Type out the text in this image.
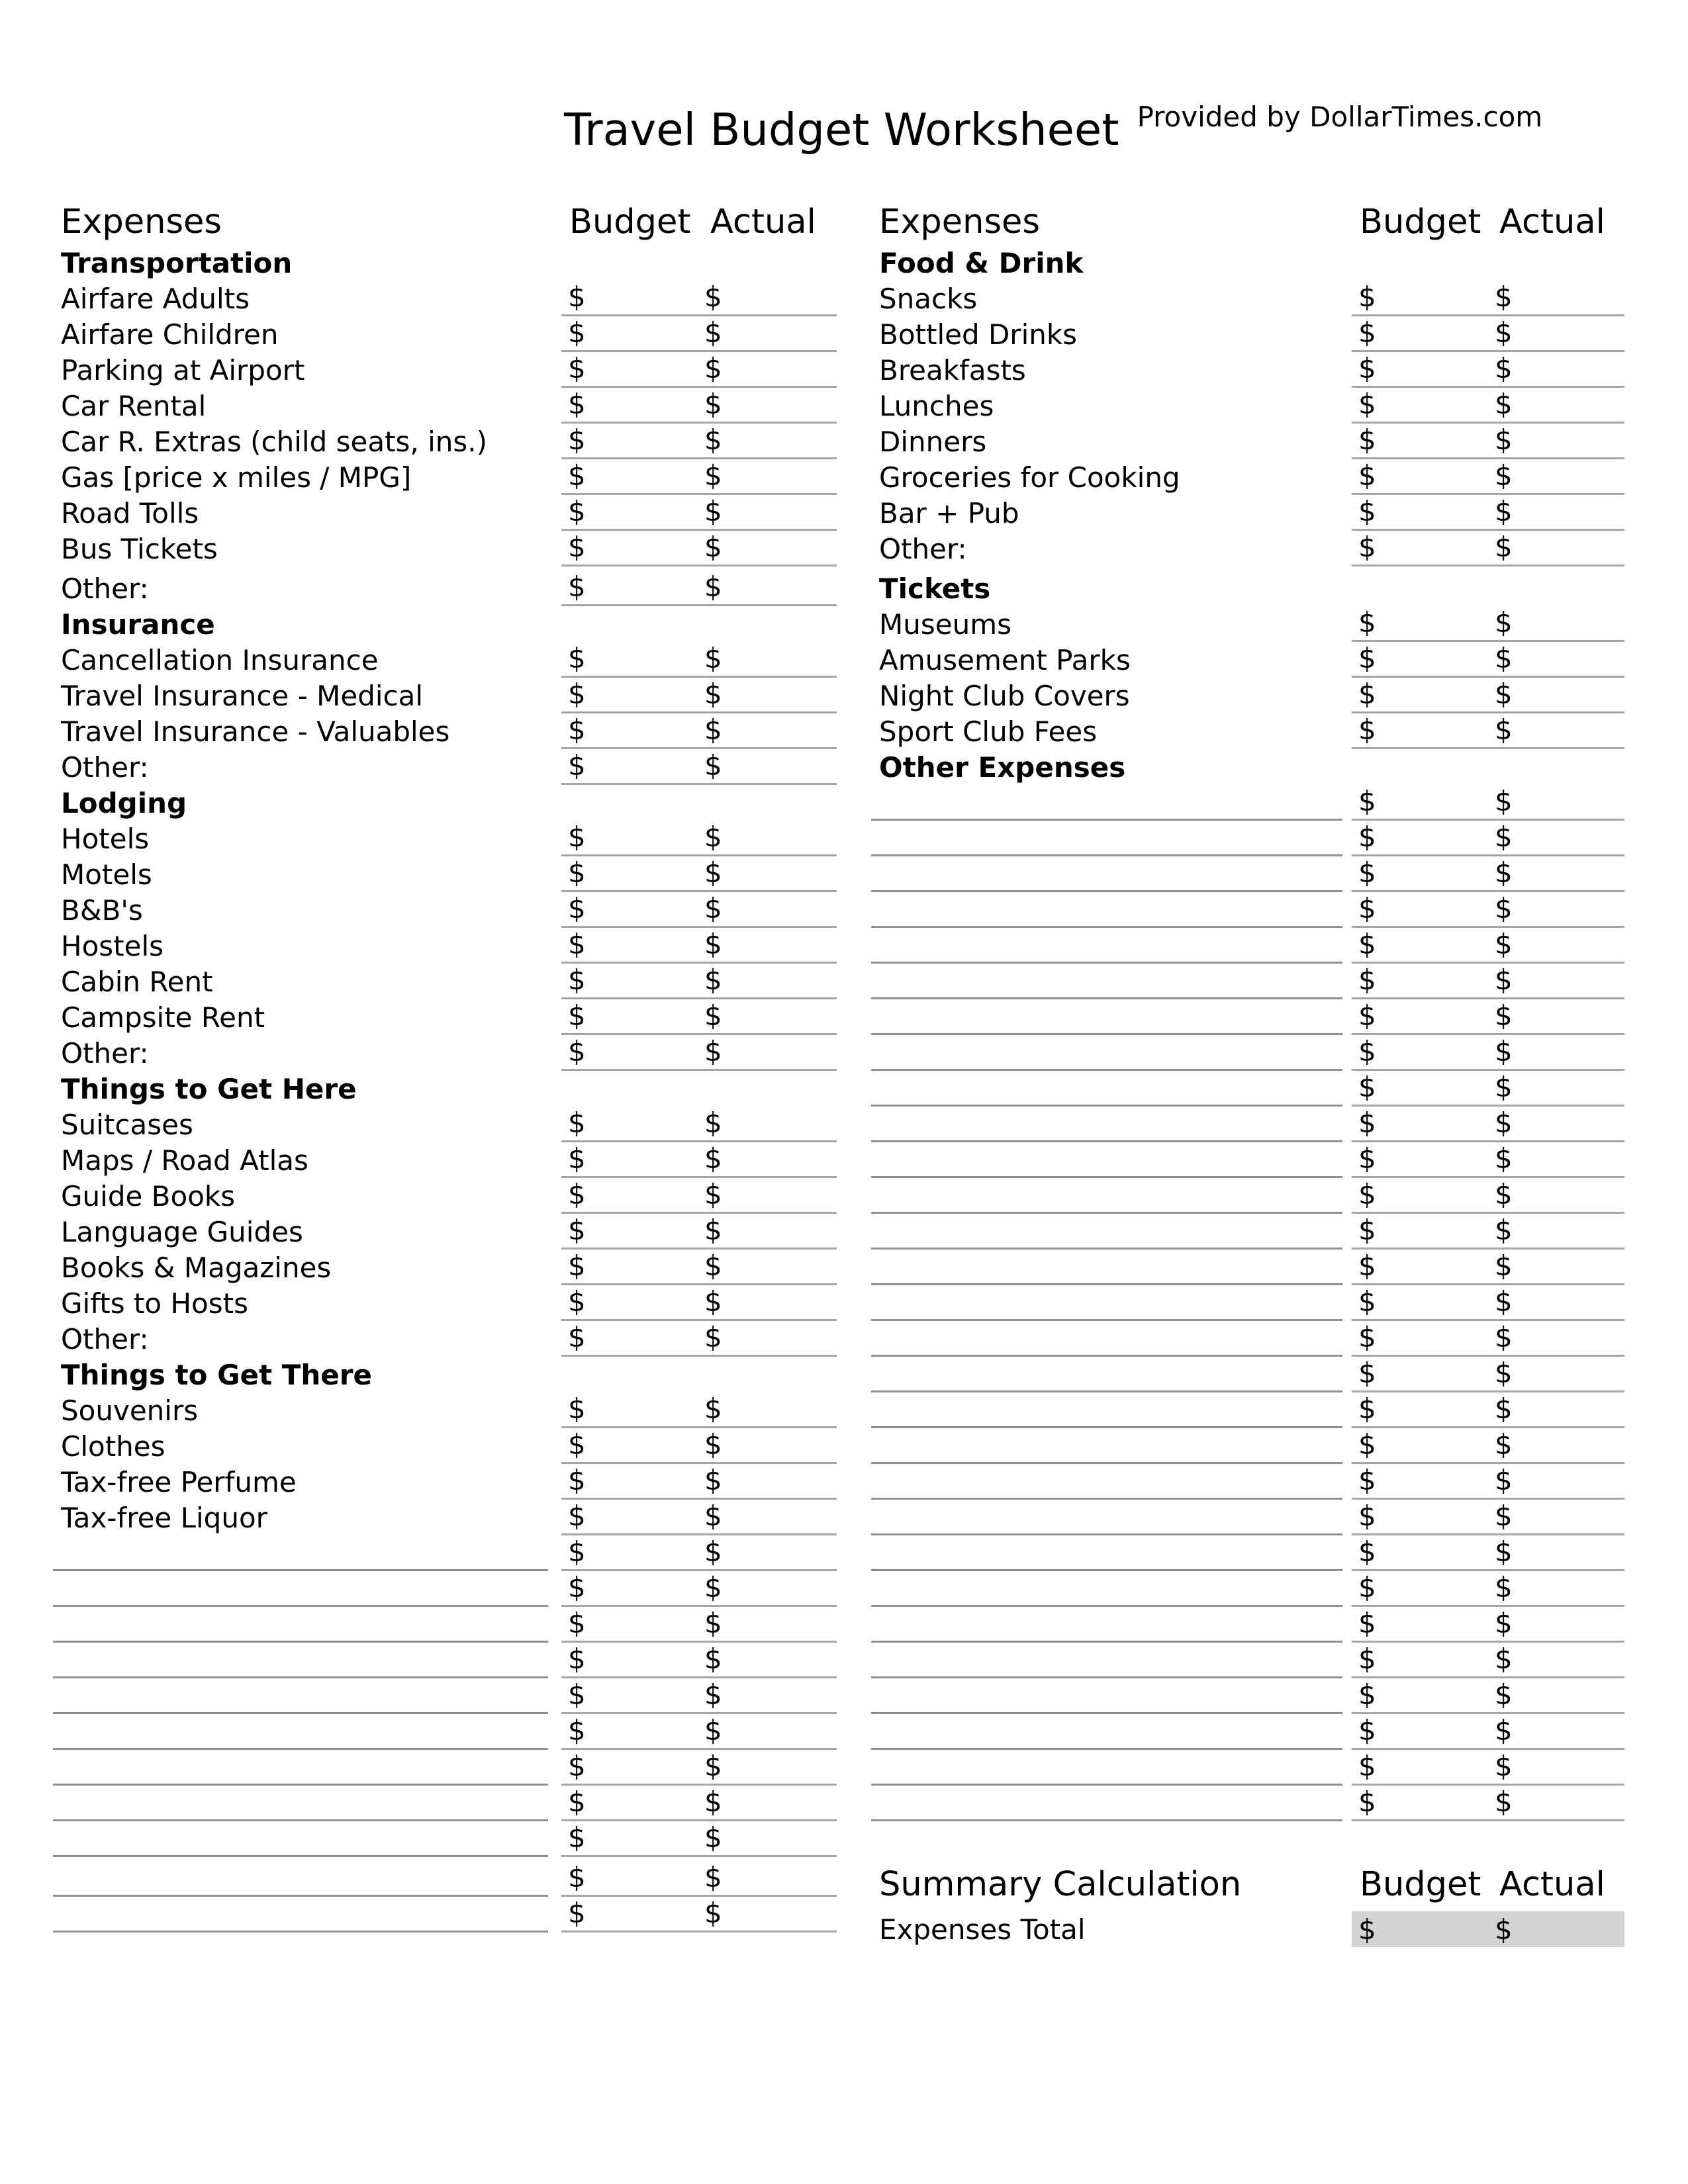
Travel Budget Worksheet Provided by DollarTimes.com
Expenses	Budget Actual
Transportation
Airfare Adults	$	$
Airfare Children	$	$
Parking at Airport	$	$
Car Rental	$	$
Car R. Extras (child seats, ins.)	$	$
Gas [price x miles / MPG]	$	$
Road Tolls	$	$
Bus Tickets	$	$
Other:	$	$
Insurance
Cancellation Insurance	$	$
Travel Insurance - Medical	$	$
Travel Insurance - Valuables	$	$
Other:	$	$
Lodging
Hotels	$	$
Motels	$	$
B&B's	$	$
Hostels	$	$
Cabin Rent	$	$
Campsite Rent	$	$
Other:	$	$
Things to Get Here
Suitcases	$	$
Maps / Road Atlas	$	$
Guide Books	$	$
Language Guides	$	$
Books & Magazines	$	$
Gifts to Hosts	$	$
Other:	$	$
Things to Get There
Souvenirs	$	$
Clothes	$	$
Tax-free Perfume	$	$
Tax-free Liquor	$	$
$	$
$	$
$	$
$	$
$	$
$	$
$	$
$	$
$	$
$	$
$	$
Expenses	Budget Actual
Food & Drink
Snacks	$	$
Bottled Drinks	$	$
Breakfasts	$	$
Lunches	$	$
Dinners	$	$
Groceries for Cooking	$	$
Bar + Pub	$	$
Other:	$	$
Tickets
Museums	$	$
Amusement Parks	$	$
Night Club Covers	$	$
Sport Club Fees	$	$
Other Expenses
$	$
$	$
$	$
$	$
$	$
$	$
$	$
$	$
$	$
$	$
$	$
$	$
$	$
$	$
$	$
$	$
$	$
$	$
$	$
$	$
$	$
$	$
$	$
$	$
$	$
$	$
$	$
$	$
$	$
Summary Calculation	Budget Actual
Expenses Total	$	$
